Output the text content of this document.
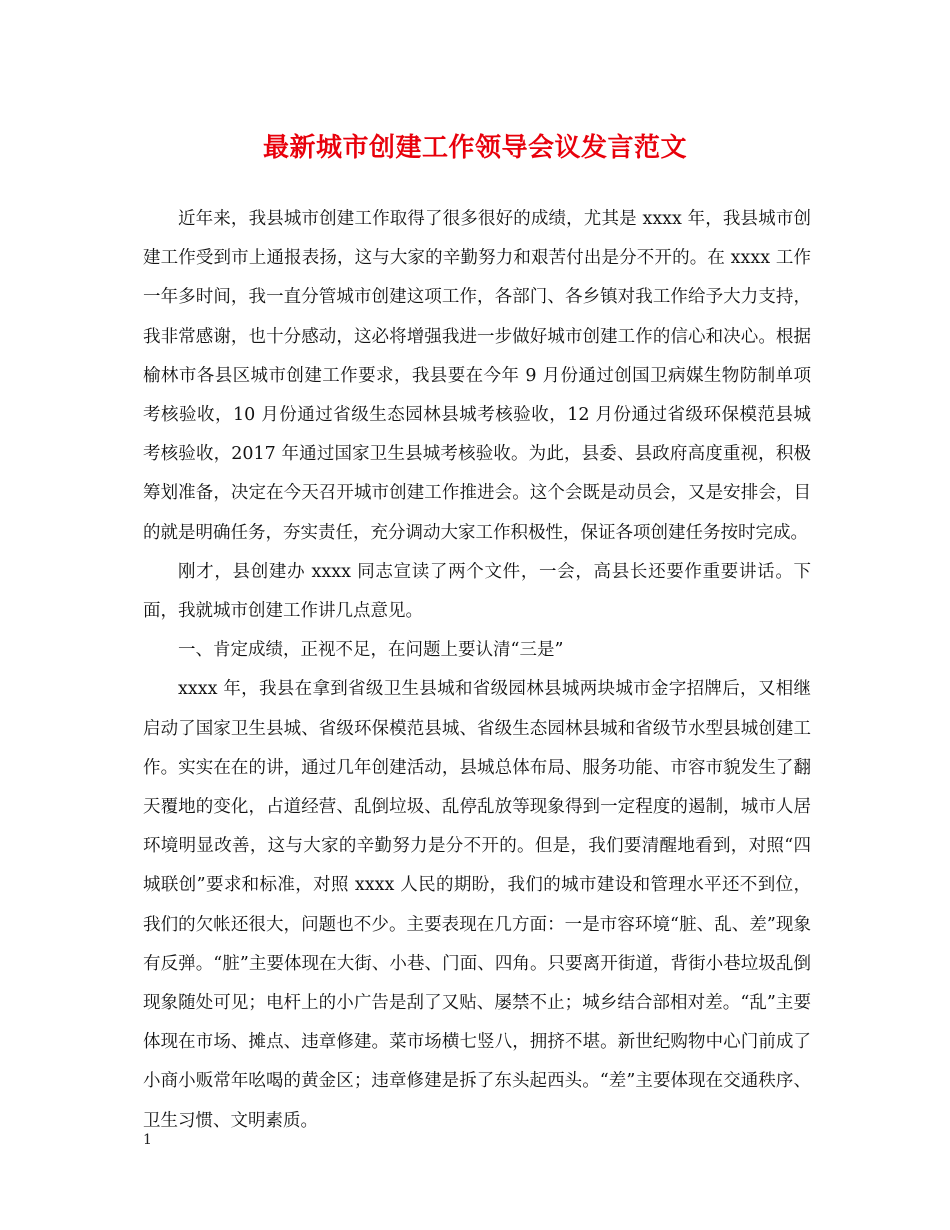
最新城市创建工作领导会议发言范文

近年来，我县城市创建工作取得了很多很好的成绩，尤其是 xxxx 年，我县城市创建工作受到市上通报表扬，这与大家的辛勤努力和艰苦付出是分不开的。在 xxxx 工作一年多时间，我一直分管城市创建这项工作，各部门、各乡镇对我工作给予大力支持，我非常感谢，也十分感动，这必将增强我进一步做好城市创建工作的信心和决心。根据榆林市各县区城市创建工作要求，我县要在今年 9 月份通过创国卫病媒生物防制单项考核验收，10 月份通过省级生态园林县城考核验收，12 月份通过省级环保模范县城考核验收，2017 年通过国家卫生县城考核验收。为此，县委、县政府高度重视，积极筹划准备，决定在今天召开城市创建工作推进会。这个会既是动员会，又是安排会，目的就是明确任务，夯实责任，充分调动大家工作积极性，保证各项创建任务按时完成。

刚才，县创建办 xxxx 同志宣读了两个文件，一会，高县长还要作重要讲话。下面，我就城市创建工作讲几点意见。

一、肯定成绩，正视不足，在问题上要认清“三是”

xxxx 年，我县在拿到省级卫生县城和省级园林县城两块城市金字招牌后，又相继启动了国家卫生县城、省级环保模范县城、省级生态园林县城和省级节水型县城创建工作。实实在在的讲，通过几年创建活动，县城总体布局、服务功能、市容市貌发生了翻天覆地的变化，占道经营、乱倒垃圾、乱停乱放等现象得到一定程度的遏制，城市人居环境明显改善，这与大家的辛勤努力是分不开的。但是，我们要清醒地看到，对照“四城联创”要求和标准，对照 xxxx 人民的期盼，我们的城市建设和管理水平还不到位，我们的欠帐还很大，问题也不少。主要表现在几方面：一是市容环境“脏、乱、差”现象有反弹。“脏”主要体现在大街、小巷、门面、四角。只要离开街道，背街小巷垃圾乱倒现象随处可见；电杆上的小广告是刮了又贴、屡禁不止；城乡结合部相对差。“乱”主要体现在市场、摊点、违章修建。菜市场横七竖八，拥挤不堪。新世纪购物中心门前成了小商小贩常年吆喝的黄金区；违章修建是拆了东头起西头。“差”主要体现在交通秩序、卫生习惯、文明素质。

1
